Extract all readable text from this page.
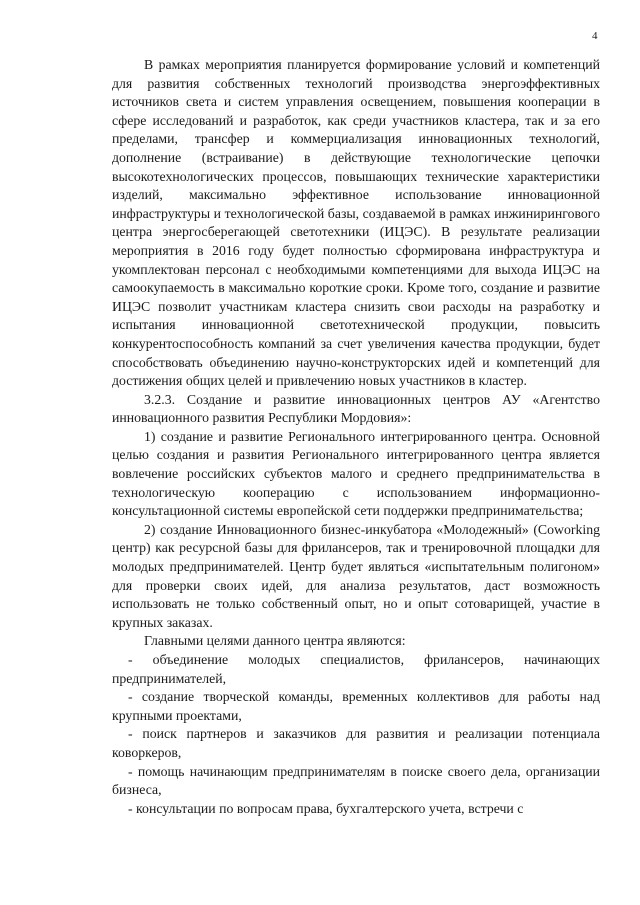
4

В рамках мероприятия планируется формирование условий и компетенций для развития собственных технологий производства энергоэффективных источников света и систем управления освещением, повышения кооперации в сфере исследований и разработок, как среди участников кластера, так и за его пределами, трансфер и коммерциализация инновационных технологий, дополнение (встраивание) в действующие технологические цепочки высокотехнологических процессов, повышающих технические характеристики изделий, максимально эффективное использование инновационной инфраструктуры и технологической базы, создаваемой в рамках инжинирингового центра энергосберегающей светотехники (ИЦЭС). В результате реализации мероприятия в 2016 году будет полностью сформирована инфраструктура и укомплектован персонал с необходимыми компетенциями для выхода ИЦЭС на самоокупаемость в максимально короткие сроки. Кроме того, создание и развитие ИЦЭС позволит участникам кластера снизить свои расходы на разработку и испытания инновационной светотехнической продукции, повысить конкурентоспособность компаний за счет увеличения качества продукции, будет способствовать объединению научно-конструкторских идей и компетенций для достижения общих целей и привлечению новых участников в кластер.

3.2.3. Создание и развитие инновационных центров АУ «Агентство инновационного развития Республики Мордовия»:

1) создание и развитие Регионального интегрированного центра. Основной целью создания и развития Регионального интегрированного центра является вовлечение российских субъектов малого и среднего предпринимательства в технологическую кооперацию с использованием информационно-консультационной системы европейской сети поддержки предпринимательства;

2) создание Инновационного бизнес-инкубатора «Молодежный» (Coworking центр) как ресурсной базы для фрилансеров, так и тренировочной площадки для молодых предпринимателей. Центр будет являться «испытательным полигоном» для проверки своих идей, для анализа результатов, даст возможность использовать не только собственный опыт, но и опыт сотоварищей, участие в крупных заказах.

Главными целями данного центра являются:

- объединение молодых специалистов, фрилансеров, начинающих предпринимателей,

- создание творческой команды, временных коллективов для работы над крупными проектами,

- поиск партнеров и заказчиков для развития и реализации потенциала коворкеров,

- помощь начинающим предпринимателям в поиске своего дела, организации бизнеса,

- консультации по вопросам права, бухгалтерского учета, встречи с
